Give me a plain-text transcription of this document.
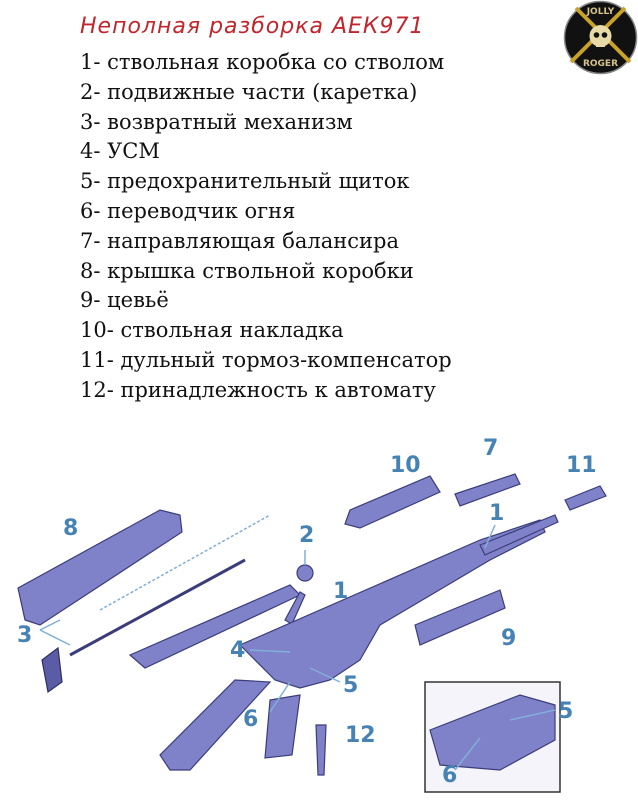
Неполная разборка АЕК971
1- ствольная коробка со стволом
2- подвижные части (каретка)
3- возвратный механизм
4- УСМ
5- предохранительный щиток
6- переводчик огня
7- направляющая балансира
8- крышка ствольной коробки
9- цевьё
10- ствольная накладка
11- дульный тормоз-компенсатор
12- принадлежность к автомату
JOLLY
ROGER
8
10
7
11
1
2
1
3
4	9
5
6
12
5
6
